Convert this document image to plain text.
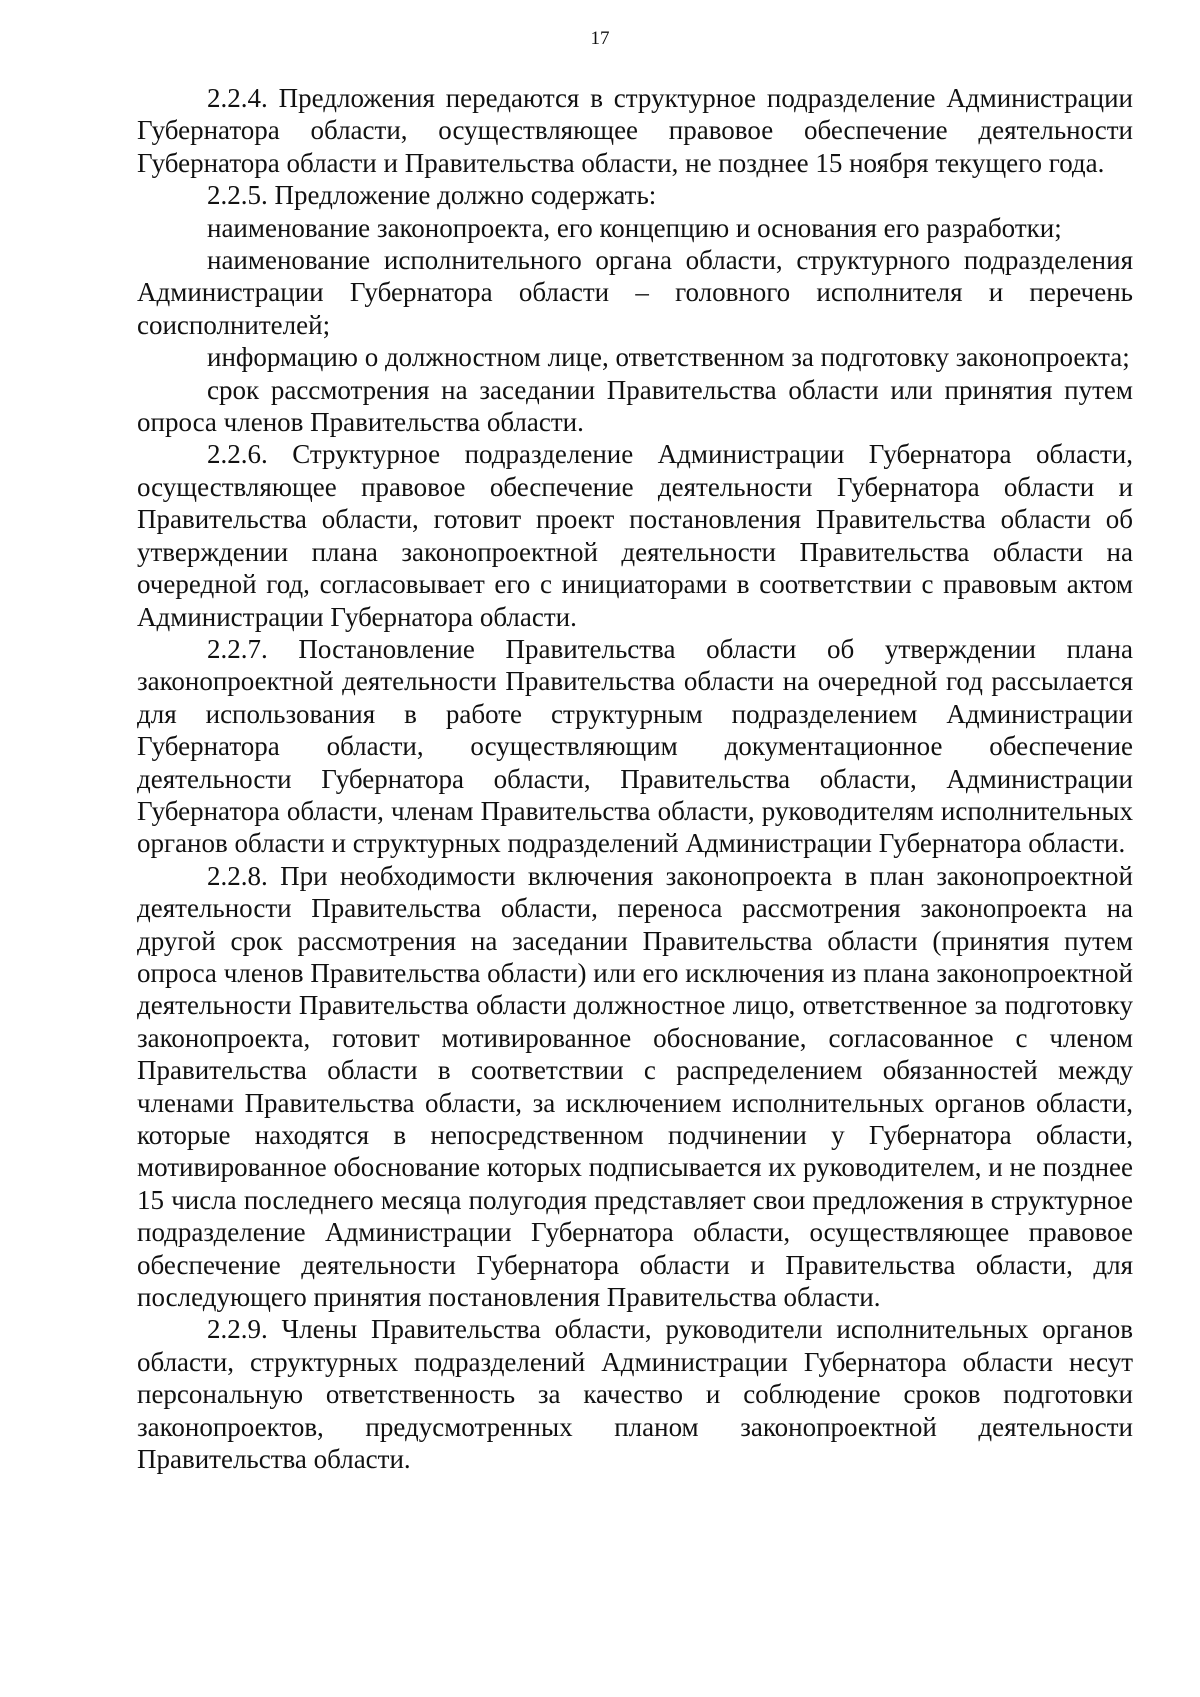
17

2.2.4. Предложения передаются в структурное подразделение Администрации Губернатора области, осуществляющее правовое обеспечение деятельности Губернатора области и Правительства области, не позднее 15 ноября текущего года.

2.2.5. Предложение должно содержать:

наименование законопроекта, его концепцию и основания его разработки;

наименование исполнительного органа области, структурного подразделения Администрации Губернатора области – головного исполнителя и перечень соисполнителей;

информацию о должностном лице, ответственном за подготовку законопроекта;

срок рассмотрения на заседании Правительства области или принятия путем опроса членов Правительства области.

2.2.6. Структурное подразделение Администрации Губернатора области, осуществляющее правовое обеспечение деятельности Губернатора области и Правительства области, готовит проект постановления Правительства области об утверждении плана законопроектной деятельности Правительства области на очередной год, согласовывает его с инициаторами в соответствии с правовым актом Администрации Губернатора области.

2.2.7. Постановление Правительства области об утверждении плана законопроектной деятельности Правительства области на очередной год рассылается для использования в работе структурным подразделением Администрации Губернатора области, осуществляющим документационное обеспечение деятельности Губернатора области, Правительства области, Администрации Губернатора области, членам Правительства области, руководителям исполнительных органов области и структурных подразделений Администрации Губернатора области.

2.2.8. При необходимости включения законопроекта в план законопроектной деятельности Правительства области, переноса рассмотрения законопроекта на другой срок рассмотрения на заседании Правительства области (принятия путем опроса членов Правительства области) или его исключения из плана законопроектной деятельности Правительства области должностное лицо, ответственное за подготовку законопроекта, готовит мотивированное обоснование, согласованное с членом Правительства области в соответствии с распределением обязанностей между членами Правительства области, за исключением исполнительных органов области, которые находятся в непосредственном подчинении у Губернатора области, мотивированное обоснование которых подписывается их руководителем, и не позднее 15 числа последнего месяца полугодия представляет свои предложения в структурное подразделение Администрации Губернатора области, осуществляющее правовое обеспечение деятельности Губернатора области и Правительства области, для последующего принятия постановления Правительства области.

2.2.9. Члены Правительства области, руководители исполнительных органов области, структурных подразделений Администрации Губернатора области несут персональную ответственность за качество и соблюдение сроков подготовки законопроектов, предусмотренных планом законопроектной деятельности Правительства области.
